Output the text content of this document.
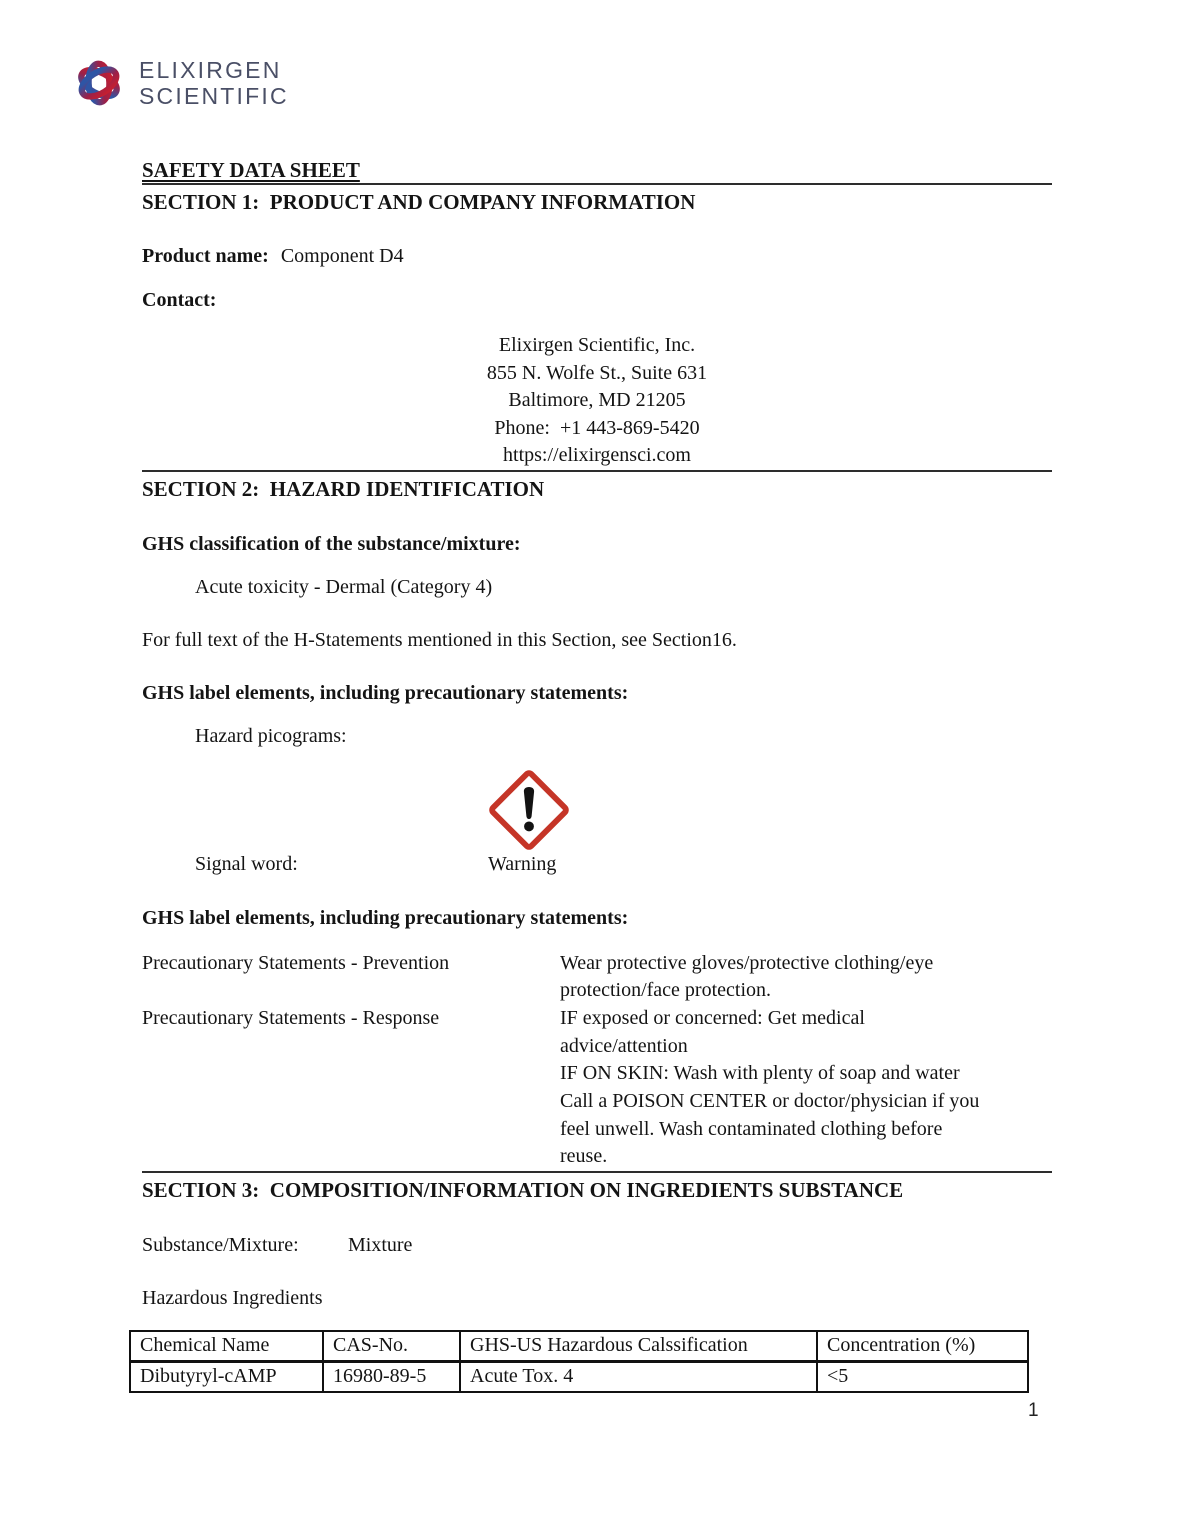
ELIXIRGEN
SCIENTIFIC
SAFETY DATA SHEET
SECTION 1:  PRODUCT AND COMPANY INFORMATION

Product name: Component D4

Contact:

Elixirgen Scientific, Inc.
855 N. Wolfe St., Suite 631
Baltimore, MD 21205
Phone:  +1 443-869-5420
https://elixirgensci.com
SECTION 2:  HAZARD IDENTIFICATION

GHS classification of the substance/mixture:

Acute toxicity - Dermal (Category 4)

For full text of the H-Statements mentioned in this Section, see Section16.

GHS label elements, including precautionary statements:

Hazard picograms:

Signal word:	Warning

GHS label elements, including precautionary statements:

Precautionary Statements - Prevention	Wear protective gloves/protective clothing/eye
protection/face protection.
Precautionary Statements - Response	IF exposed or concerned: Get medical
advice/attention
IF ON SKIN: Wash with plenty of soap and water
Call a POISON CENTER or doctor/physician if you
feel unwell. Wash contaminated clothing before
reuse.
SECTION 3:  COMPOSITION/INFORMATION ON INGREDIENTS SUBSTANCE

Substance/Mixture: Mixture

Hazardous Ingredients

Chemical Name	CAS-No.	GHS-US Hazardous Calssification	Concentration (%)
Dibutyryl-cAMP	16980-89-5	Acute Tox. 4	<5
1
